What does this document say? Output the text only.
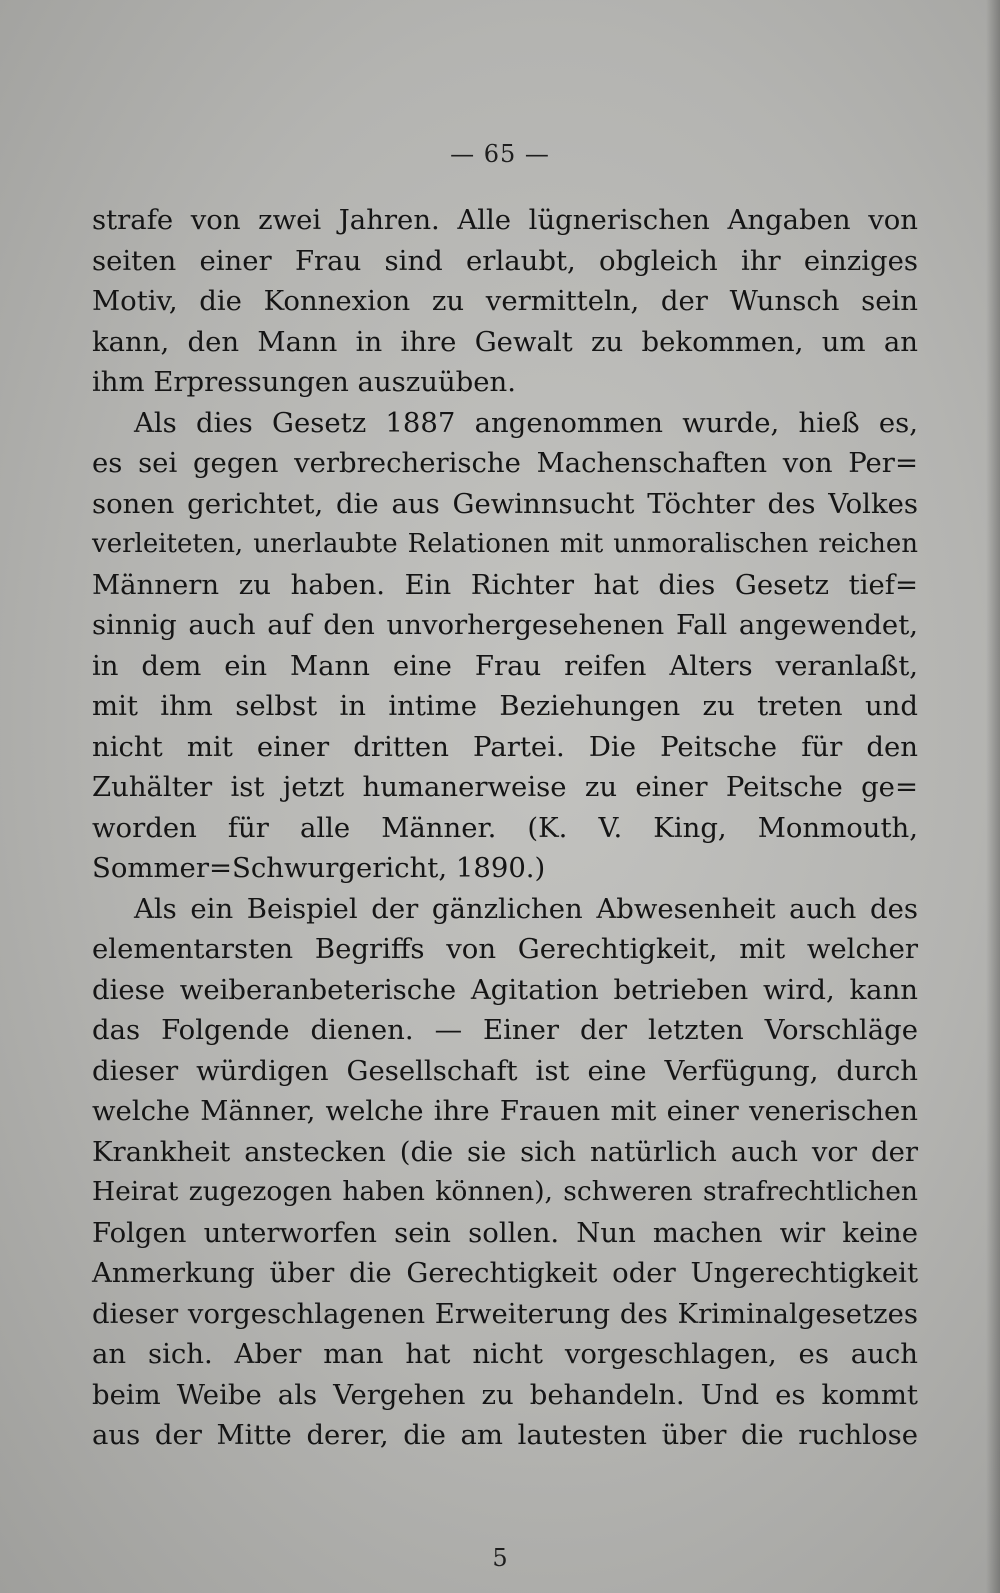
— 65 —
strafe von zwei Jahren. Alle lügnerischen Angaben von
seiten einer Frau sind erlaubt, obgleich ihr einziges
Motiv, die Konnexion zu vermitteln, der Wunsch sein
kann, den Mann in ihre Gewalt zu bekommen, um an
ihm Erpressungen auszuüben.
Als dies Gesetz 1887 angenommen wurde, hieß es,
es sei gegen verbrecherische Machenschaften von Per=
sonen gerichtet, die aus Gewinnsucht Töchter des Volkes
verleiteten, unerlaubte Relationen mit unmoralischen reichen
Männern zu haben. Ein Richter hat dies Gesetz tief=
sinnig auch auf den unvorhergesehenen Fall angewendet,
in dem ein Mann eine Frau reifen Alters veranlaßt,
mit ihm selbst in intime Beziehungen zu treten und
nicht mit einer dritten Partei. Die Peitsche für den
Zuhälter ist jetzt humanerweise zu einer Peitsche ge=
worden für alle Männer. (K. V. King, Monmouth,
Sommer=Schwurgericht, 1890.)
Als ein Beispiel der gänzlichen Abwesenheit auch des
elementarsten Begriffs von Gerechtigkeit, mit welcher
diese weiberanbeterische Agitation betrieben wird, kann
das Folgende dienen. — Einer der letzten Vorschläge
dieser würdigen Gesellschaft ist eine Verfügung, durch
welche Männer, welche ihre Frauen mit einer venerischen
Krankheit anstecken (die sie sich natürlich auch vor der
Heirat zugezogen haben können), schweren strafrechtlichen
Folgen unterworfen sein sollen. Nun machen wir keine
Anmerkung über die Gerechtigkeit oder Ungerechtigkeit
dieser vorgeschlagenen Erweiterung des Kriminalgesetzes
an sich. Aber man hat nicht vorgeschlagen, es auch
beim Weibe als Vergehen zu behandeln. Und es kommt
aus der Mitte derer, die am lautesten über die ruchlose
5
